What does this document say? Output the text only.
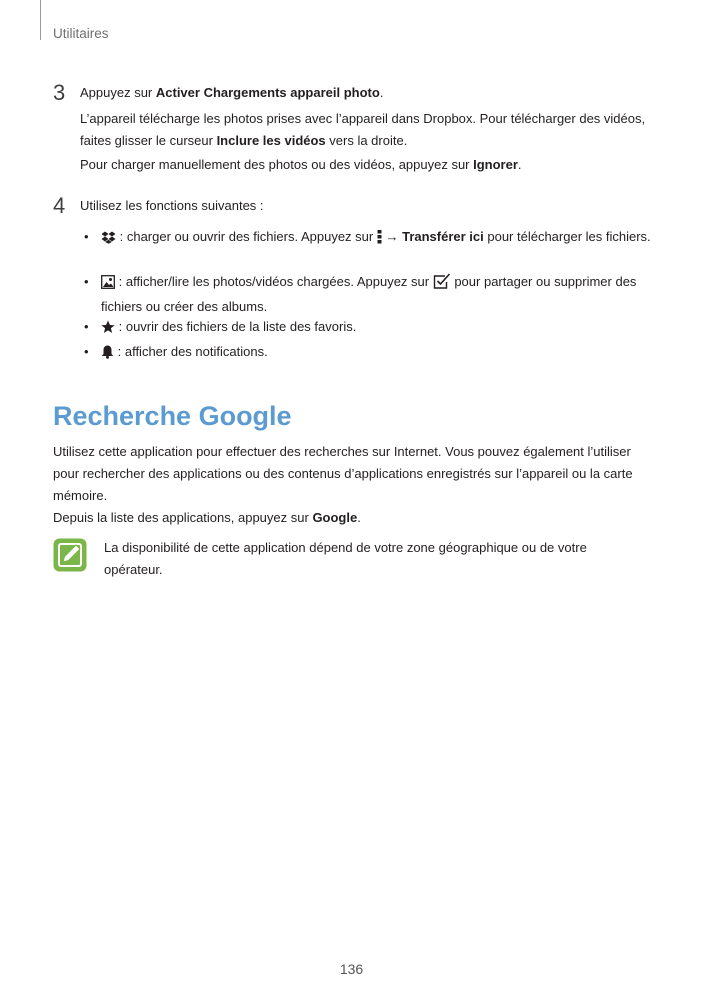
Utilitaires
3 Appuyez sur Activer Chargements appareil photo.
L’appareil télécharge les photos prises avec l’appareil dans Dropbox. Pour télécharger des vidéos, faites glisser le curseur Inclure les vidéos vers la droite.
Pour charger manuellement des photos ou des vidéos, appuyez sur Ignorer.
4 Utilisez les fonctions suivantes :
•	: charger ou ouvrir des fichiers. Appuyez sur  → Transférer ici pour télécharger les fichiers.
•	: afficher/lire les photos/vidéos chargées. Appuyez sur  pour partager ou supprimer des fichiers ou créer des albums.
•	: ouvrir des fichiers de la liste des favoris.
•	: afficher des notifications.
Recherche Google
Utilisez cette application pour effectuer des recherches sur Internet. Vous pouvez également l’utiliser pour rechercher des applications ou des contenus d’applications enregistrés sur l’appareil ou la carte mémoire.
Depuis la liste des applications, appuyez sur Google.
La disponibilité de cette application dépend de votre zone géographique ou de votre opérateur.
136
